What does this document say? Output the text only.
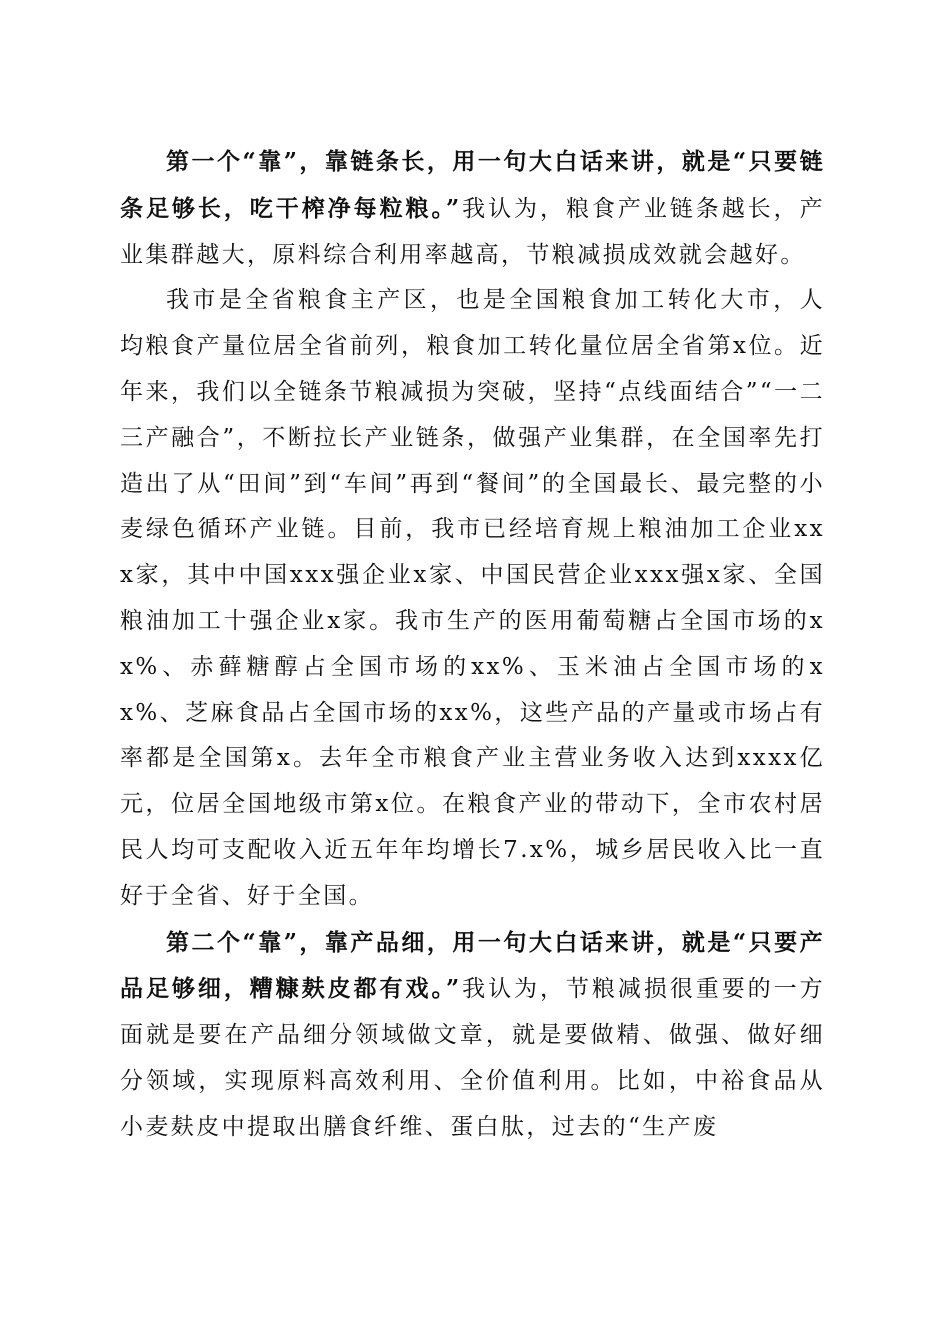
第一个“靠”，靠链条长，用一句大白话来讲，就是“只要链条足够长，吃干榨净每粒粮。”我认为，粮食产业链条越长，产业集群越大，原料综合利用率越高，节粮减损成效就会越好。

我市是全省粮食主产区，也是全国粮食加工转化大市，人均粮食产量位居全省前列，粮食加工转化量位居全省第x位。近年来，我们以全链条节粮减损为突破，坚持“点线面结合”“一二三产融合”，不断拉长产业链条，做强产业集群，在全国率先打造出了从“田间”到“车间”再到“餐间”的全国最长、最完整的小麦绿色循环产业链。目前，我市已经培育规上粮油加工企业xxx家，其中中国xxx强企业x家、中国民营企业xxx强x家、全国粮油加工十强企业x家。我市生产的医用葡萄糖占全国市场的xx%、赤藓糖醇占全国市场的xx%、玉米油占全国市场的xx%、芝麻食品占全国市场的xx%，这些产品的产量或市场占有率都是全国第x。去年全市粮食产业主营业务收入达到xxxx亿元，位居全国地级市第x位。在粮食产业的带动下，全市农村居民人均可支配收入近五年年均增长7.x%，城乡居民收入比一直好于全省、好于全国。

第二个“靠”，靠产品细，用一句大白话来讲，就是“只要产品足够细，糟糠麸皮都有戏。”我认为，节粮减损很重要的一方面就是要在产品细分领域做文章，就是要做精、做强、做好细分领域，实现原料高效利用、全价值利用。比如，中裕食品从小麦麸皮中提取出膳食纤维、蛋白肽，过去的“生产废
